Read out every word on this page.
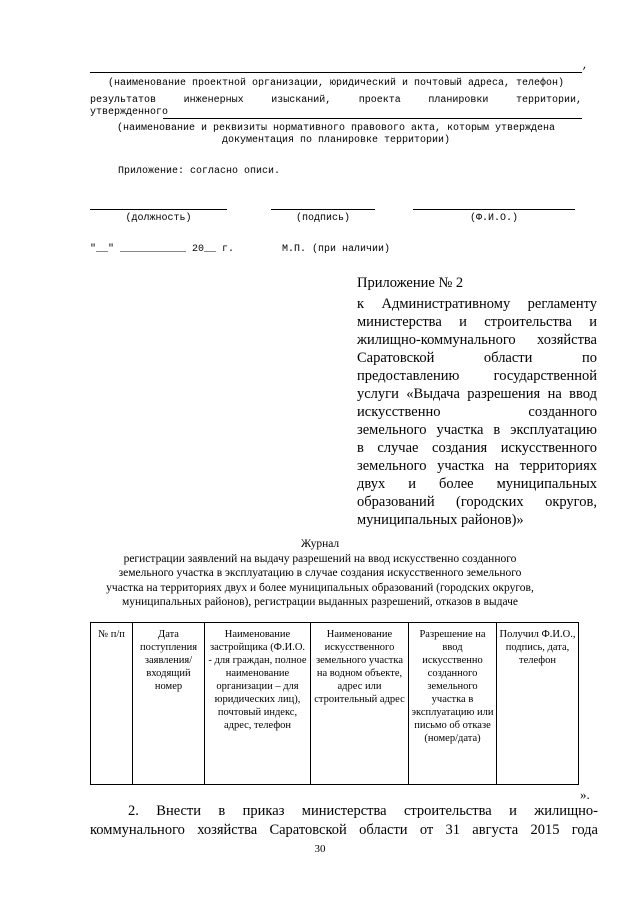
,
(наименование проектной организации, юридический и почтовый адреса, телефон)
результатов	инженерных	изысканий,	проекта	планировки	территории,
утвержденного
(наименование и реквизиты нормативного правового акта, которым утверждена
документация по планировке территории)
Приложение: согласно описи.
(должность)	(подпись)	(Ф.И.О.)
"__" ___________ 20__ г.        М.П. (при наличии)
Приложение № 2
к Административному регламенту
министерства и строительства и
жилищно-коммунального хозяйства
Саратовской области по
предоставлению государственной
услуги «Выдача разрешения на ввод
искусственно созданного
земельного участка в эксплуатацию
в случае создания искусственного
земельного участка на территориях
двух и более муниципальных
образований (городских округов,
муниципальных районов)»
Журнал
регистрации заявлений на выдачу разрешений на ввод искусственно созданного
земельного участка в эксплуатацию в случае создания искусственного земельного
участка на территориях двух и более муниципальных образований (городских округов,
муниципальных районов), регистрации выданных разрешений, отказов в выдаче
№ п/п	Дата поступления заявления/ входящий номер	Наименование застройщика (Ф.И.О. - для граждан, полное наименование организации – для юридических лиц), почтовый индекс, адрес, телефон	Наименование искусственного земельного участка на водном объекте, адрес или строительный адрес	Разрешение на ввод искусственно созданного земельного участка в эксплуатацию или письмо об отказе (номер/дата)	Получил Ф.И.О., подпись, дата, телефон
».
2. Внести в приказ министерства строительства и жилищно-
коммунального хозяйства Саратовской области от 31 августа 2015 года
30
